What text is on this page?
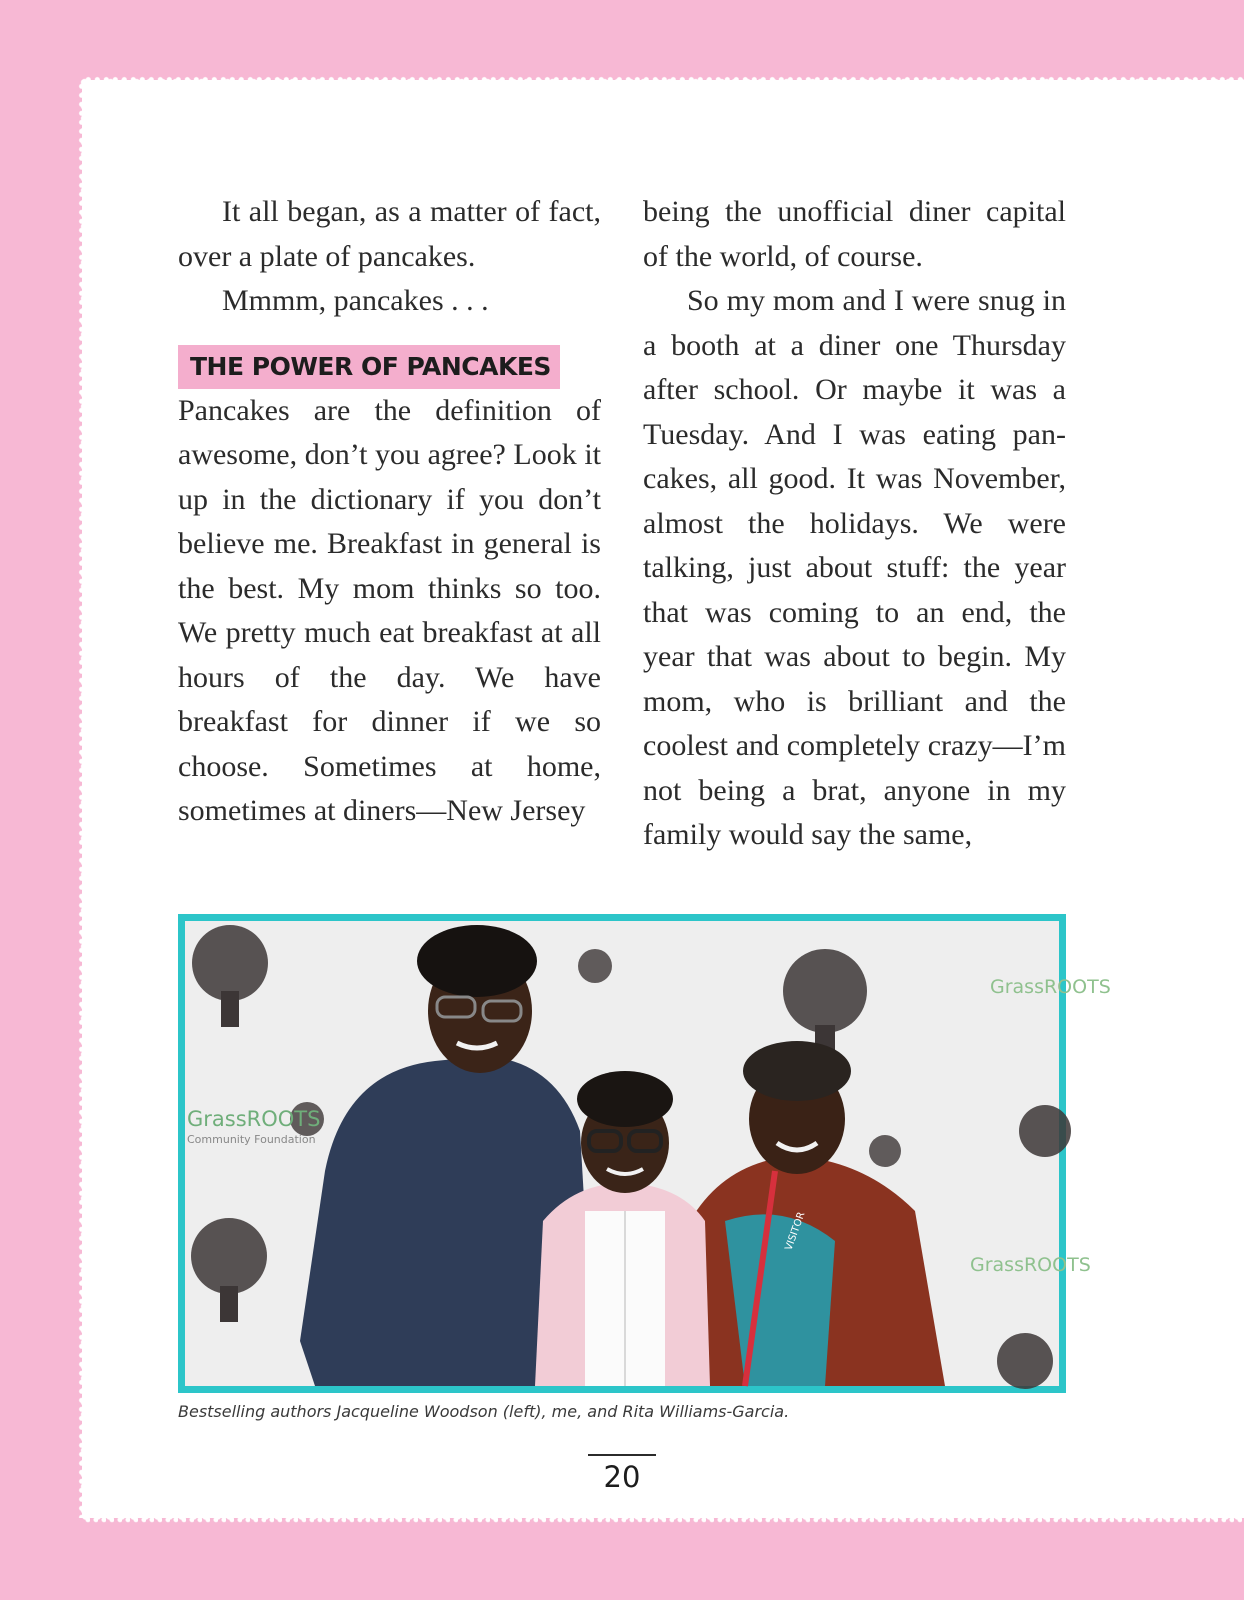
It all began, as a matter of fact, over a plate of pancakes.

Mmmm, pancakes . . .

THE POWER OF PANCAKES

Pancakes are the definition of awesome, don’t you agree? Look it up in the dictionary if you don’t believe me. Breakfast in general is the best. My mom thinks so too. We pretty much eat breakfast at all hours of the day. We have breakfast for dinner if we so choose. Sometimes at home, sometimes at diners—New Jersey

being the unofficial diner capital of the world, of course.

So my mom and I were snug in a booth at a diner one Thursday after school. Or maybe it was a Tuesday. And I was eating pancakes, all good. It was November, almost the holidays. We were talking, just about stuff: the year that was coming to an end, the year that was about to begin. My mom, who is brilliant and the coolest and completely crazy—I’m not being a brat, anyone in my family would say the same,

GrassROOTS
Community Foundation
GrassROOTS
GrassROOTS
VISITOR
Bestselling authors Jacqueline Woodson (left), me, and Rita Williams-Garcia.
20
